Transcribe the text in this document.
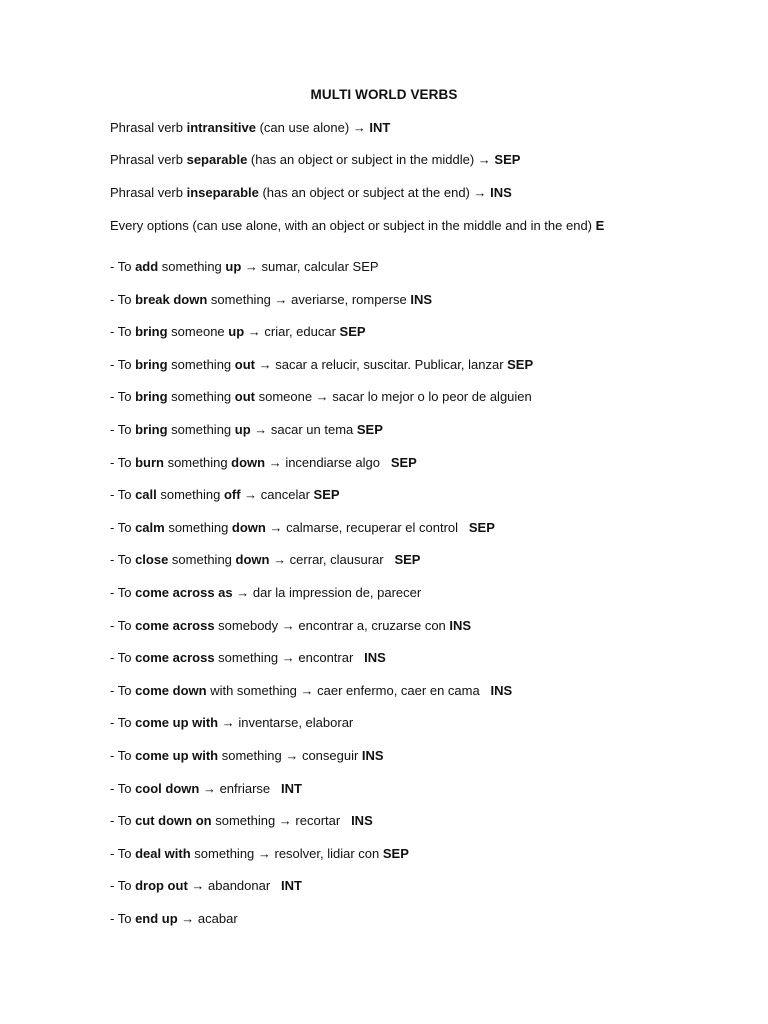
MULTI WORLD VERBS
Phrasal verb intransitive (can use alone) → INT
Phrasal verb separable (has an object or subject in the middle) → SEP
Phrasal verb inseparable (has an object or subject at the end) → INS
Every options (can use alone, with an object or subject in the middle and in the end) E
- To add something up → sumar, calcular SEP
- To break down something → averiarse, romperse INS
- To bring someone up → criar, educar SEP
- To bring something out → sacar a relucir, suscitar. Publicar, lanzar SEP
- To bring something out someone → sacar lo mejor o lo peor de alguien
- To bring something up → sacar un tema SEP
- To burn something down → incendiarse algo   SEP
- To call something off → cancelar SEP
- To calm something down → calmarse, recuperar el control   SEP
- To close something down → cerrar, clausurar   SEP
- To come across as → dar la impression de, parecer
- To come across somebody → encontrar a, cruzarse con INS
- To come across something → encontrar   INS
- To come down with something → caer enfermo, caer en cama   INS
- To come up with → inventarse, elaborar
- To come up with something → conseguir INS
- To cool down → enfriarse   INT
- To cut down on something → recortar   INS
- To deal with something → resolver, lidiar con SEP
- To drop out → abandonar   INT
- To end up → acabar
